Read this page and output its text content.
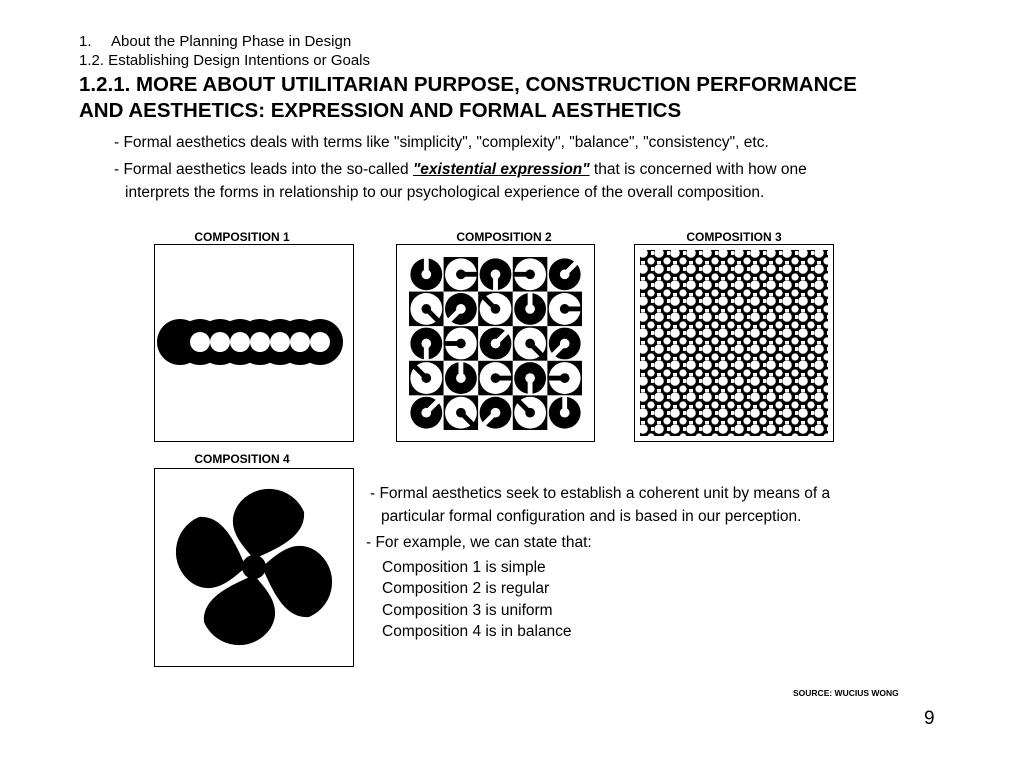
1. About the Planning Phase in Design
1.2. Establishing Design Intentions or Goals
1.2.1. MORE ABOUT UTILITARIAN PURPOSE, CONSTRUCTION PERFORMANCE
AND AESTHETICS: EXPRESSION AND FORMAL AESTHETICS
- Formal aesthetics deals with terms like "simplicity", "complexity", "balance", "consistency", etc.
- Formal aesthetics leads into the so-called "existential expression" that is concerned with how one
interprets the forms in relationship to our psychological experience of the overall composition.
COMPOSITION 1	COMPOSITION 2	COMPOSITION 3
COMPOSITION 4
- Formal aesthetics seek to establish a coherent unit by means of a
particular formal configuration and is based in our perception.
- For example, we can state that:
Composition 1 is simple
Composition 2 is regular
Composition 3 is uniform
Composition 4 is in balance
SOURCE: WUCIUS WONG
9
